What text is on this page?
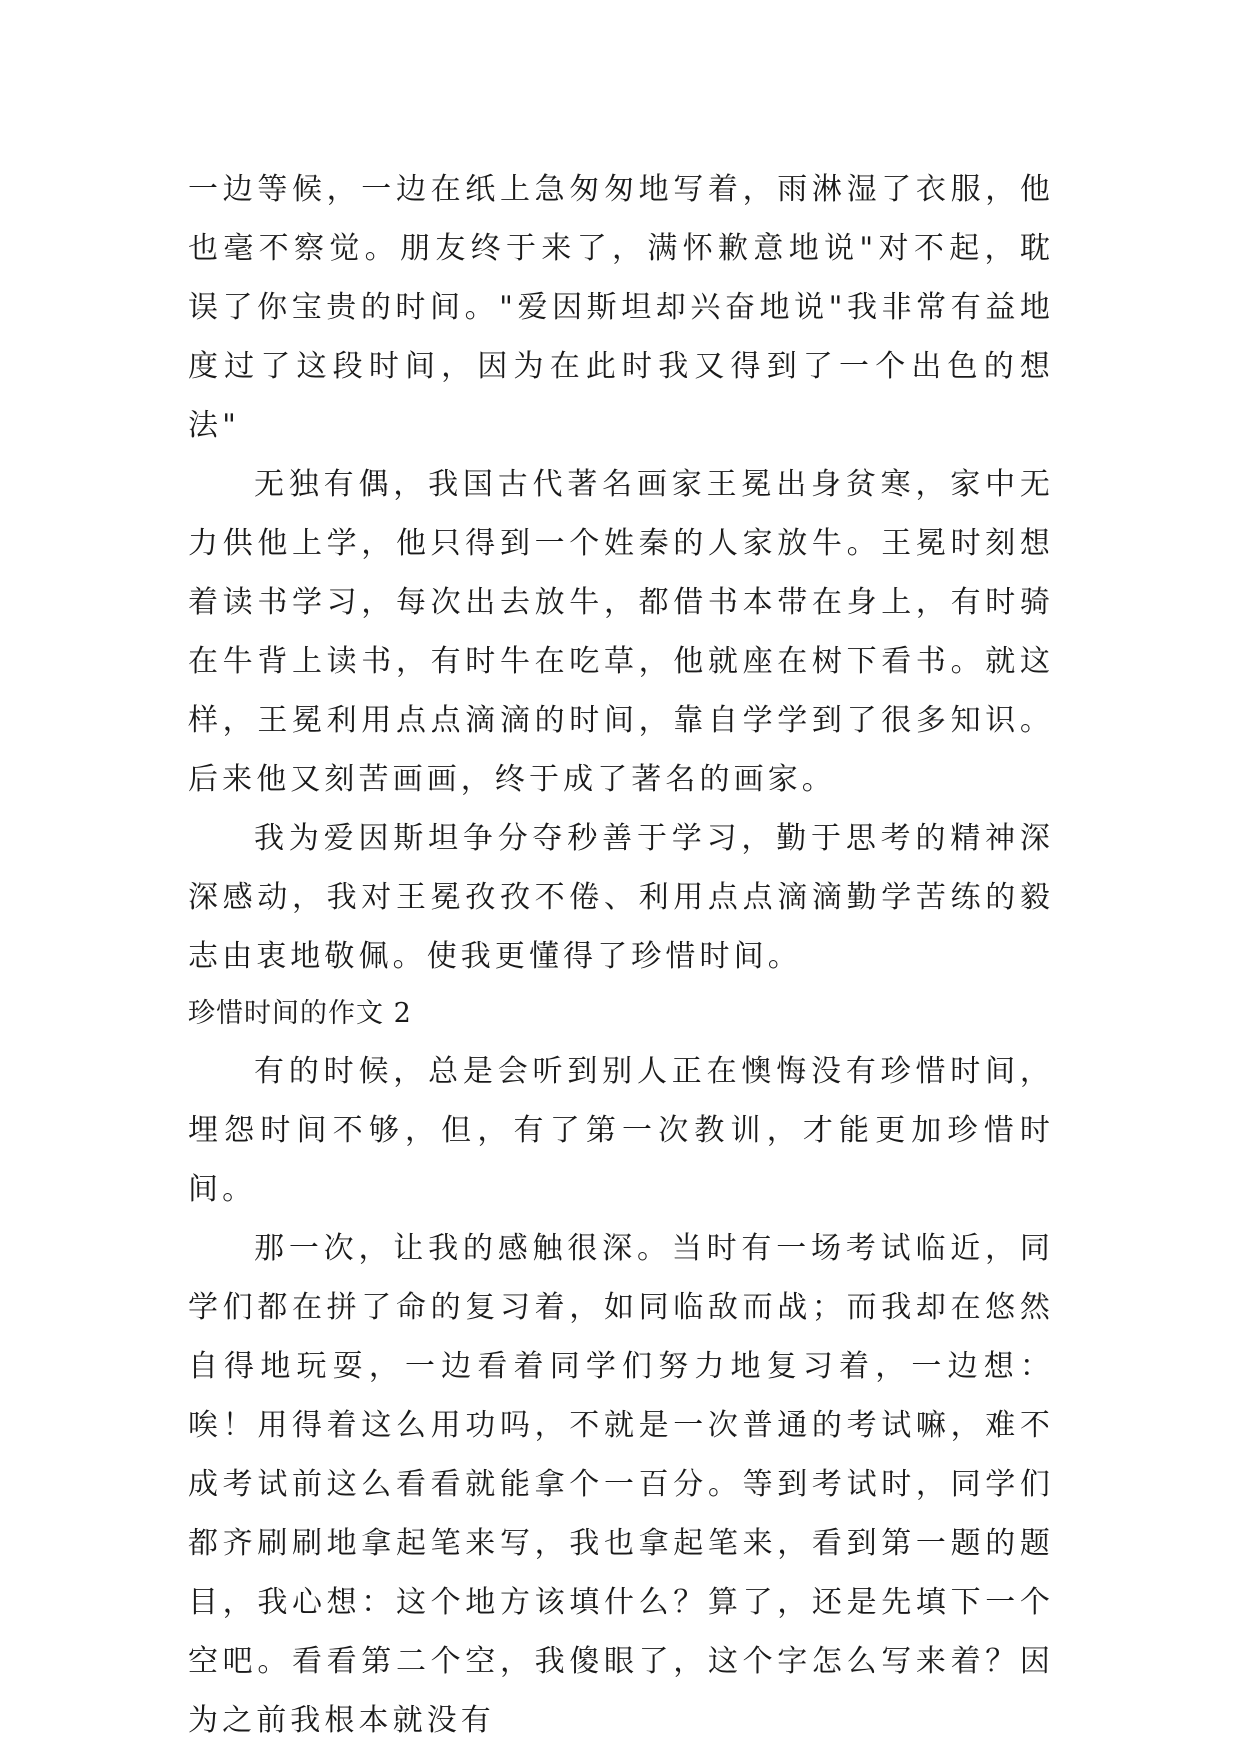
一边等候，一边在纸上急匆匆地写着，雨淋湿了衣服，他也毫不察觉。朋友终于来了，满怀歉意地说"对不起，耽误了你宝贵的时间。"爱因斯坦却兴奋地说"我非常有益地度过了这段时间，因为在此时我又得到了一个出色的想法"

无独有偶，我国古代著名画家王冕出身贫寒，家中无力供他上学，他只得到一个姓秦的人家放牛。王冕时刻想着读书学习，每次出去放牛，都借书本带在身上，有时骑在牛背上读书，有时牛在吃草，他就座在树下看书。就这样，王冕利用点点滴滴的时间，靠自学学到了很多知识。后来他又刻苦画画，终于成了著名的画家。

我为爱因斯坦争分夺秒善于学习，勤于思考的精神深深感动，我对王冕孜孜不倦、利用点点滴滴勤学苦练的毅志由衷地敬佩。使我更懂得了珍惜时间。

珍惜时间的作文 2

有的时候，总是会听到别人正在懊悔没有珍惜时间，埋怨时间不够，但，有了第一次教训，才能更加珍惜时间。

那一次，让我的感触很深。当时有一场考试临近，同学们都在拼了命的复习着，如同临敌而战；而我却在悠然自得地玩耍，一边看着同学们努力地复习着，一边想：唉！用得着这么用功吗，不就是一次普通的考试嘛，难不成考试前这么看看就能拿个一百分。等到考试时，同学们都齐刷刷地拿起笔来写，我也拿起笔来，看到第一题的题目，我心想：这个地方该填什么？算了，还是先填下一个空吧。看看第二个空，我傻眼了，这个字怎么写来着？因为之前我根本就没有
